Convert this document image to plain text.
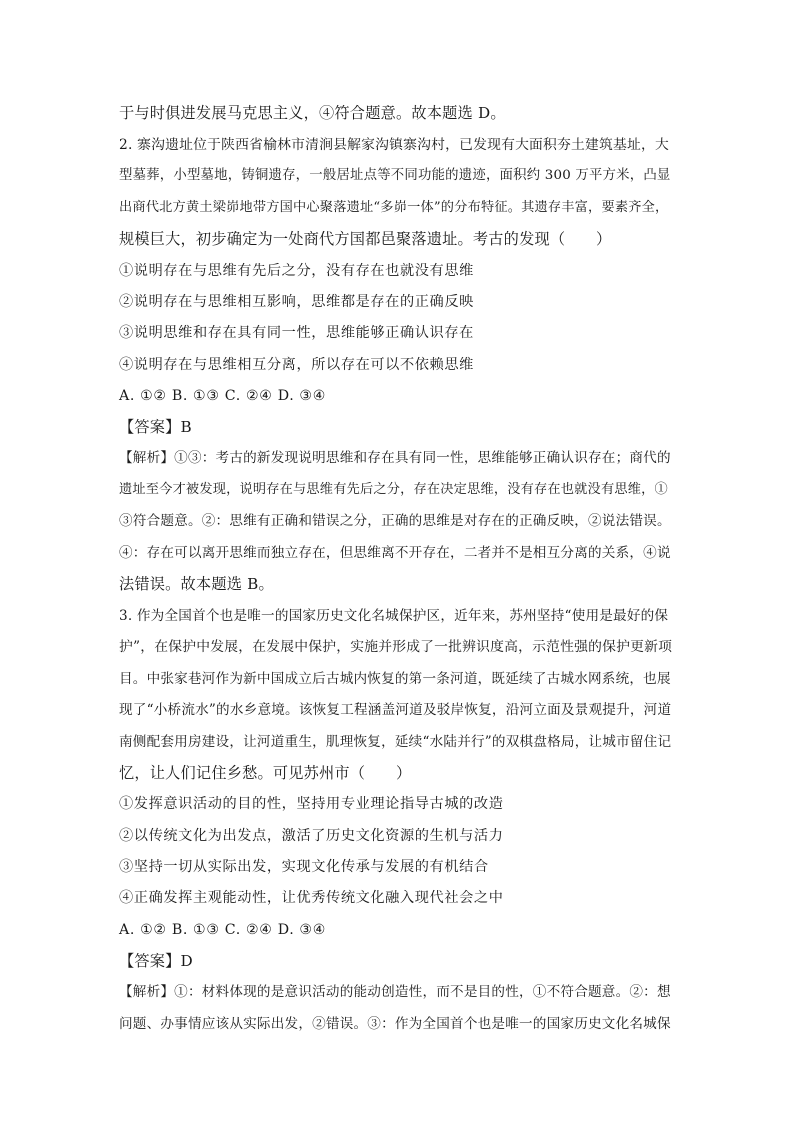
于与时俱进发展马克思主义，④符合题意。故本题选 D。
2. 寨沟遗址位于陕西省榆林市清涧县解家沟镇寨沟村，已发现有大面积夯土建筑基址，大
型墓葬，小型墓地，铸铜遗存，一般居址点等不同功能的遗迹，面积约 300 万平方米，凸显
出商代北方黄土梁峁地带方国中心聚落遗址“多峁一体”的分布特征。其遗存丰富，要素齐全，
规模巨大，初步确定为一处商代方国都邑聚落遗址。考古的发现（　　）
①说明存在与思维有先后之分，没有存在也就没有思维
②说明存在与思维相互影响，思维都是存在的正确反映
③说明思维和存在具有同一性，思维能够正确认识存在
④说明存在与思维相互分离，所以存在可以不依赖思维
A. ①② B. ①③ C. ②④ D. ③④
【答案】B
【解析】①③：考古的新发现说明思维和存在具有同一性，思维能够正确认识存在；商代的
遗址至今才被发现，说明存在与思维有先后之分，存在决定思维，没有存在也就没有思维，①
③符合题意。②：思维有正确和错误之分，正确的思维是对存在的正确反映，②说法错误。
④：存在可以离开思维而独立存在，但思维离不开存在，二者并不是相互分离的关系，④说
法错误。故本题选 B。
3. 作为全国首个也是唯一的国家历史文化名城保护区，近年来，苏州坚持“使用是最好的保
护”，在保护中发展，在发展中保护，实施并形成了一批辨识度高，示范性强的保护更新项
目。中张家巷河作为新中国成立后古城内恢复的第一条河道，既延续了古城水网系统，也展
现了“小桥流水”的水乡意境。该恢复工程涵盖河道及驳岸恢复，沿河立面及景观提升，河道
南侧配套用房建设，让河道重生，肌理恢复，延续“水陆并行”的双棋盘格局，让城市留住记
忆，让人们记住乡愁。可见苏州市（　　）
①发挥意识活动的目的性，坚持用专业理论指导古城的改造
②以传统文化为出发点，激活了历史文化资源的生机与活力
③坚持一切从实际出发，实现文化传承与发展的有机结合
④正确发挥主观能动性，让优秀传统文化融入现代社会之中
A. ①② B. ①③ C. ②④ D. ③④
【答案】D
【解析】①：材料体现的是意识活动的能动创造性，而不是目的性，①不符合题意。②：想
问题、办事情应该从实际出发，②错误。③：作为全国首个也是唯一的国家历史文化名城保
